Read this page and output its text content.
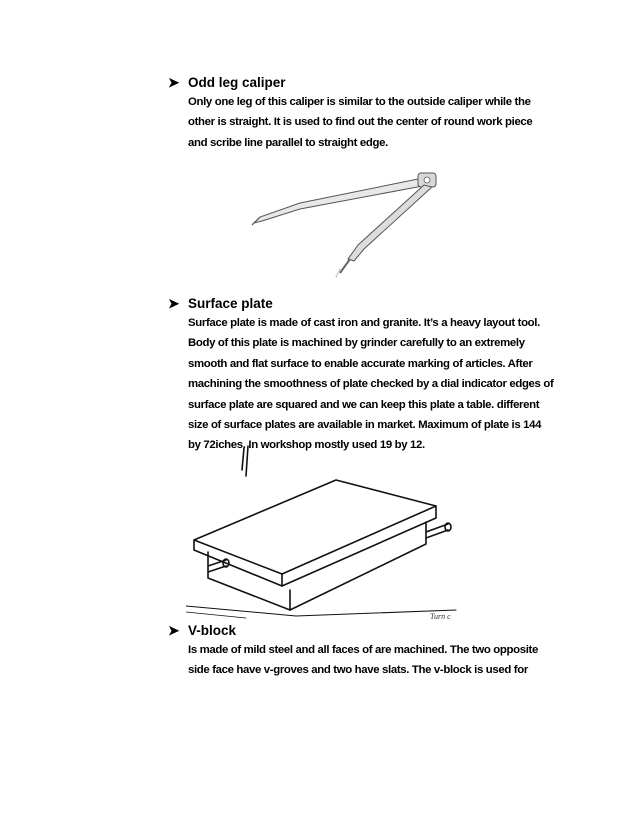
➤ Odd leg caliper
Only one leg of this caliper is similar to the outside caliper while the
other is straight. It is used to find out the center of round work piece
and scribe line parallel to straight edge.
➤ Surface plate
Surface plate is made of cast iron and granite. It’s a heavy layout tool.
Body of this plate is machined by grinder carefully to an extremely
smooth and flat surface to enable accurate marking of articles. After
machining the smoothness of plate checked by a dial indicator edges of
surface plate are squared and we can keep this plate a table. different
size of surface plates are available in market. Maximum of plate is 144
by 72iches. In workshop mostly used 19 by 12.
Turn c
➤ V-block
Is made of mild steel and all faces of are machined. The two opposite
side face have v-groves and two have slats. The v-block is used for
